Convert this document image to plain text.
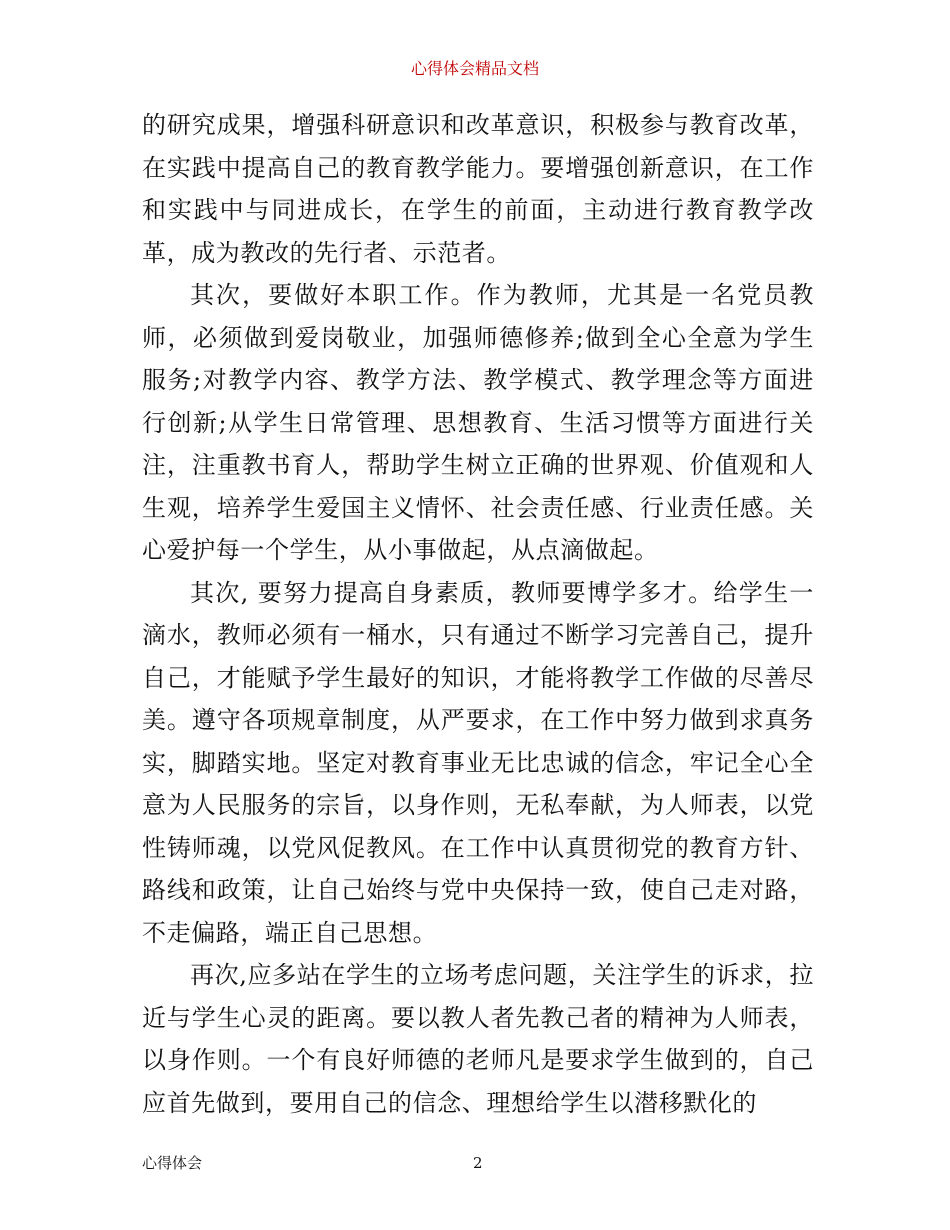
心得体会精品文档

的研究成果，增强科研意识和改革意识，积极参与教育改革，在实践中提高自己的教育教学能力。要增强创新意识，在工作和实践中与同进成长，在学生的前面，主动进行教育教学改革，成为教改的先行者、示范者。

其次，要做好本职工作。作为教师，尤其是一名党员教师，必须做到爱岗敬业，加强师德修养;做到全心全意为学生服务;对教学内容、教学方法、教学模式、教学理念等方面进行创新;从学生日常管理、思想教育、生活习惯等方面进行关注，注重教书育人，帮助学生树立正确的世界观、价值观和人生观，培养学生爱国主义情怀、社会责任感、行业责任感。关心爱护每一个学生，从小事做起，从点滴做起。

其次, 要努力提高自身素质，教师要博学多才。给学生一滴水，教师必须有一桶水，只有通过不断学习完善自己，提升自己，才能赋予学生最好的知识，才能将教学工作做的尽善尽美。遵守各项规章制度，从严要求，在工作中努力做到求真务实，脚踏实地。坚定对教育事业无比忠诚的信念，牢记全心全意为人民服务的宗旨，以身作则，无私奉献，为人师表，以党性铸师魂，以党风促教风。在工作中认真贯彻党的教育方针、路线和政策，让自己始终与党中央保持一致，使自己走对路，不走偏路，端正自己思想。

再次,应多站在学生的立场考虑问题，关注学生的诉求，拉近与学生心灵的距离。要以教人者先教己者的精神为人师表，以身作则。一个有良好师德的老师凡是要求学生做到的，自己应首先做到，要用自己的信念、理想给学生以潜移默化的

心得体会	2
